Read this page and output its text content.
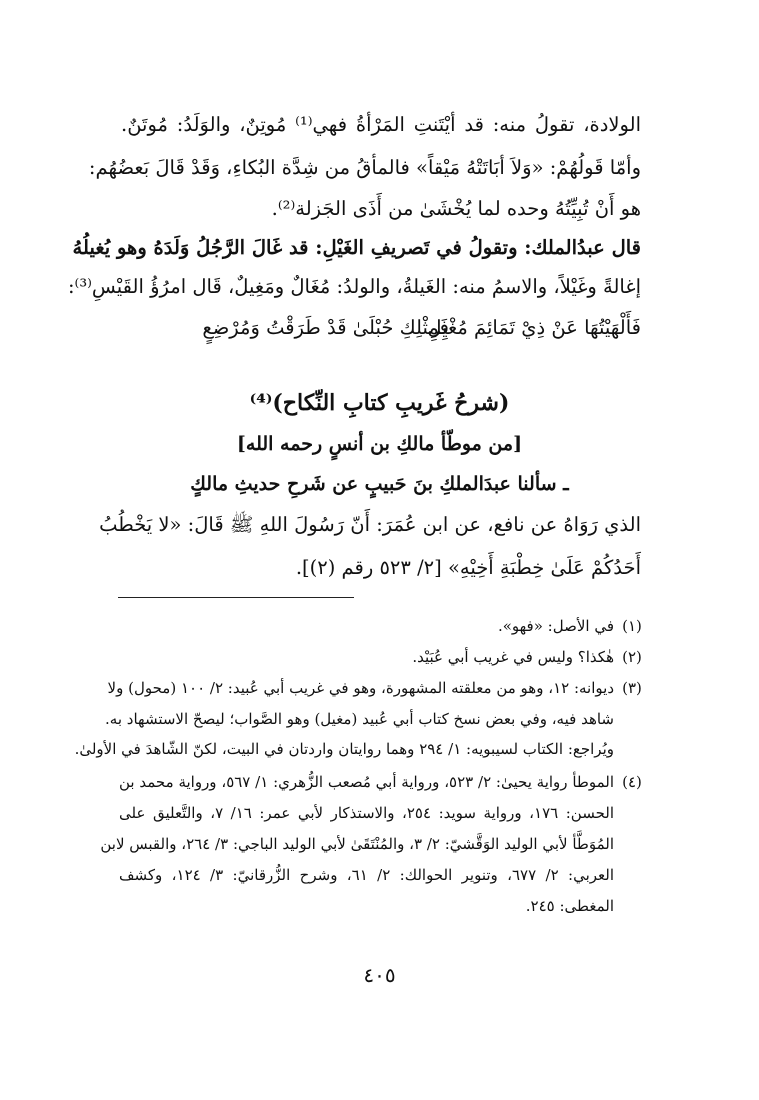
الولادة، تقولُ منه: قد أيْتَنتِ المَرْأةُ فهي⁽¹⁾ مُوتِنٌ، والوَلَدُ: مُوتَنٌ.
وأمّا قَولُهُمْ: «وَلاَ أبَاتَتْهُ مَيْقاً» فالمأقُ من شِدَّة البُكاءِ، وَقَدْ قَالَ بَعضُهُم:
هو أَنْ تُبِيِّتُهُ وحده لما يُخْشَىٰ من أَذَى الجَزلة⁽²⁾.
قال عبدُالملك: وتقولُ في تَصريفِ الغَيْلِ: قد غَالَ الرَّجُلُ وَلَدَهُ وهو يُغيلُهُ
إغالةً وغَيْلاً، والاسمُ منه: الغَيلةُ، والولدُ: مُغَالٌ ومَغِيلٌ، قَال امرُؤُ القَيْسِ⁽³⁾:
فَمِثْلِكِ حُبْلَىٰ قَدْ طَرَقْتُ وَمُرْضِعٍ
فَأَلْهَيْتُهَا عَنْ ذِيْ تَمَائِمَ مُغْيِلِ
(شرحُ غَريبِ كتابِ النِّكاح)⁽⁴⁾
[من موطّأ مالكِ بن أنسٍ رحمه الله]
ـ سألنا عبدَالملكِ بنَ حَبيبٍ عن شَرحِ حديثِ مالكٍ
الذي رَوَاهُ عن نافع، عن ابن عُمَرَ: أَنّ رَسُولَ اللهِ ﷺ قَالَ: «لا يَخْطُبُ
أَحَدُكُمْ عَلَىٰ خِطْبَةِ أَخِيْهِ» [٢/ ٥٢٣ رقم (٢)].
(١)
في الأصل: «فهو».
(٢)
هٰكذا؟ وليس في غريب أبي عُبَيْد.
(٣)
ديوانه: ١٢، وهو من معلقته المشهورة، وهو في غريب أبي عُبيد: ٢/ ١٠٠ (محول) ولا
شاهد فيه، وفي بعض نسخ كتاب أبي عُبيد (مغيل) وهو الصَّواب؛ ليصحّ الاستشهاد به.
ويُراجع: الكتاب لسيبويه: ١/ ٢٩٤ وهما روايتان واردتان في البيت، لكنّ الشّاهدَ في الأولىٰ.
(٤)
الموطأ رواية يحيىٰ: ٢/ ٥٢٣، ورواية أبي مُصعب الزُّهري: ١/ ٥٦٧، ورواية محمد بن
الحسن: ١٧٦، ورواية سويد: ٢٥٤، والاستذكار لأبي عمر: ١٦/ ٧، والتَّعليق على
المُوَطَّأ لأبي الوليد الوَقَّشيّ: ٢/ ٣، والمُنْتَقَىٰ لأبي الوليد الباجي: ٣/ ٢٦٤، والقبس لابن
العربي: ٢/ ٦٧٧، وتنوير الحوالك: ٢/ ٦١، وشرح الزُّرقانيّ: ٣/ ١٢٤، وكشف
المغطى: ٢٤٥.
٤٠٥
